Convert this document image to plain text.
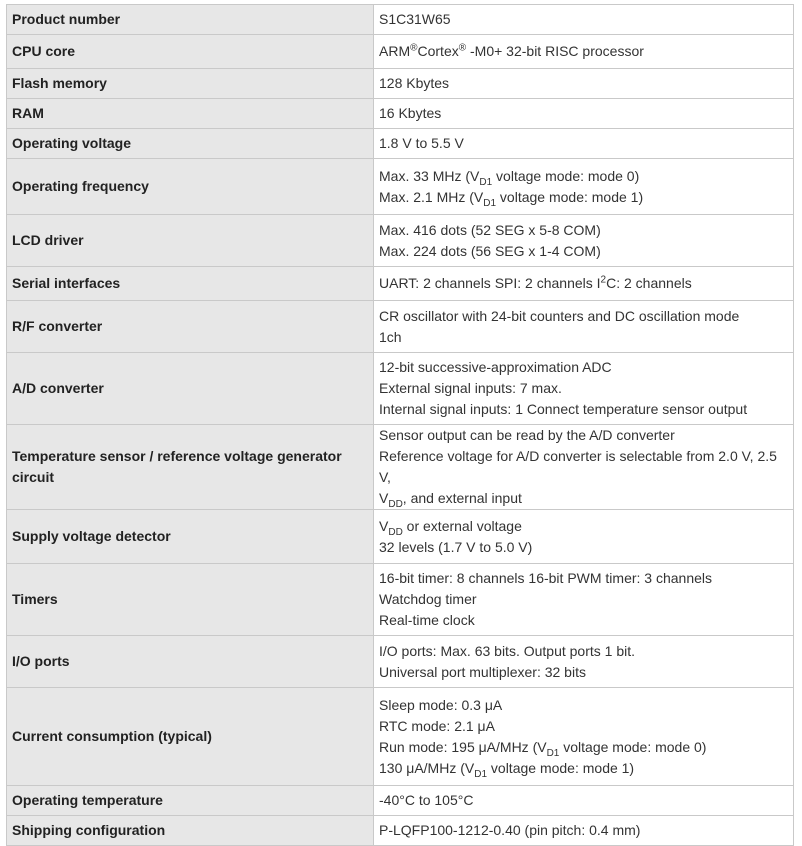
Product number	S1C31W65

CPU core	ARM®Cortex® -M0+ 32-bit RISC processor

Flash memory	128 Kbytes

RAM	16 Kbytes

Operating voltage	1.8 V to 5.5 V

Operating frequency	Max. 33 MHz ($V_{D1}$ voltage mode: mode 0)
Max. 2.1 MHz ($V_{D1}$ voltage mode: mode 1)

LCD driver	Max. 416 dots (52 SEG x 5-8 COM)
Max. 224 dots (56 SEG x 1-4 COM)

Serial interfaces	UART: 2 channels SPI: 2 channels $I^2C$: 2 channels

R/F converter	CR oscillator with 24-bit counters and DC oscillation mode
1ch

A/D converter	12-bit successive-approximation ADC
External signal inputs: 7 max.
Internal signal inputs: 1 Connect temperature sensor output

Temperature sensor / reference voltage generator circuit	Sensor output can be read by the A/D converter
Reference voltage for A/D converter is selectable from 2.0 V, 2.5 V,
$V_{DD}$, and external input

Supply voltage detector	$V_{DD}$ or external voltage
32 levels (1.7 V to 5.0 V)

Timers	16-bit timer: 8 channels 16-bit PWM timer: 3 channels
Watchdog timer
Real-time clock

I/O ports	I/O ports: Max. 63 bits. Output ports 1 bit.
Universal port multiplexer: 32 bits

Current consumption (typical)	Sleep mode: 0.3 μA
RTC mode: 2.1 μA
Run mode: 195 μA/MHz ($V_{D1}$ voltage mode: mode 0)
130 μA/MHz ($V_{D1}$ voltage mode: mode 1)

Operating temperature	-40°C to 105°C

Shipping configuration	P-LQFP100-1212-0.40 (pin pitch: 0.4 mm)
